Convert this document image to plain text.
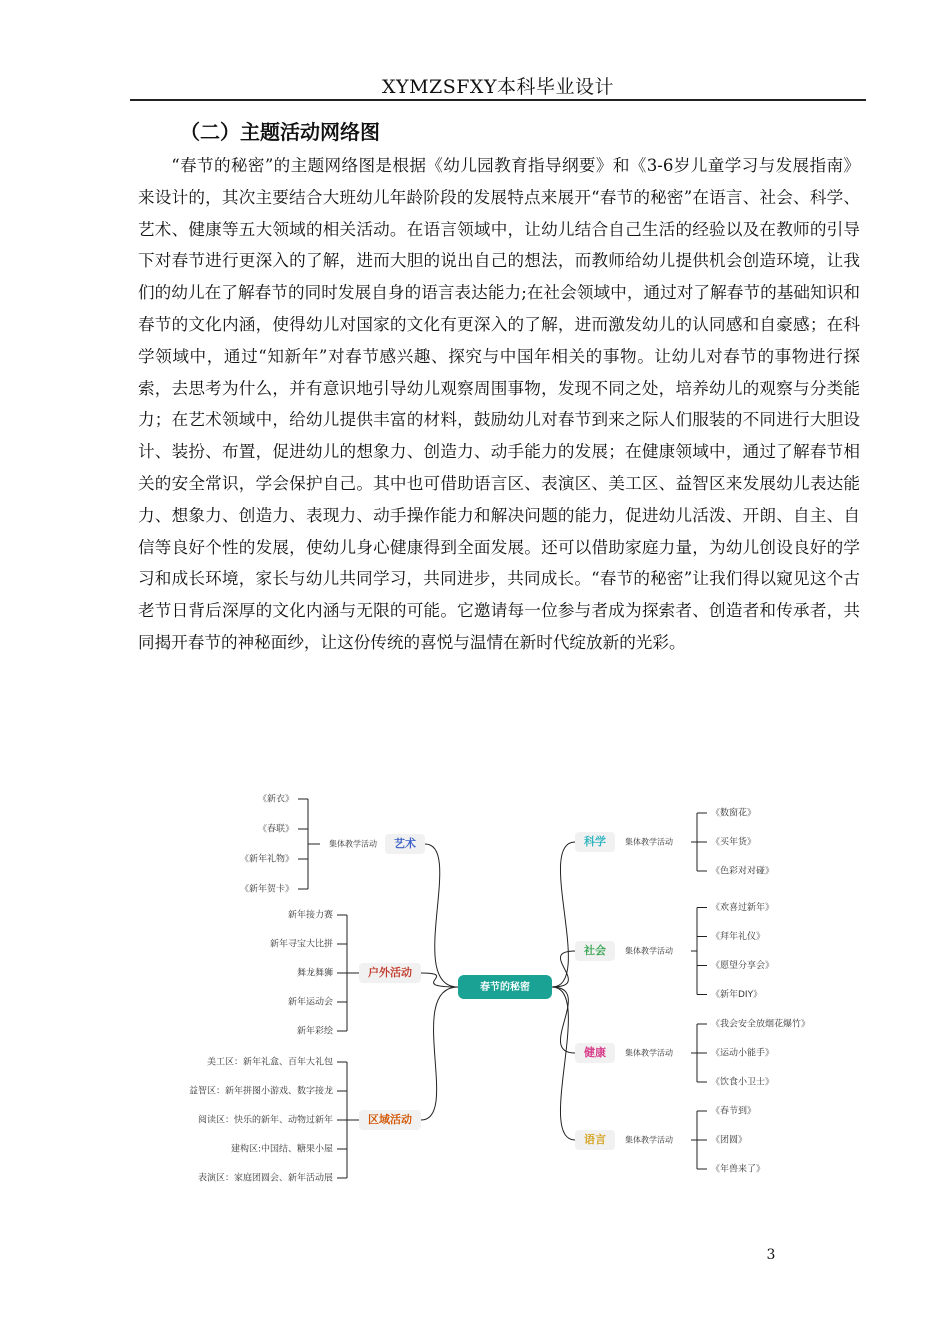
XYMZSFXY本科毕业设计
（二）主题活动网络图

“春节的秘密”的主题网络图是根据《幼儿园教育指导纲要》和《3-6岁儿童学习与发展指南》来设计的，其次主要结合大班幼儿年龄阶段的发展特点来展开“春节的秘密”在语言、社会、科学、艺术、健康等五大领域的相关活动。在语言领域中，让幼儿结合自己生活的经验以及在教师的引导下对春节进行更深入的了解，进而大胆的说出自己的想法，而教师给幼儿提供机会创造环境，让我们的幼儿在了解春节的同时发展自身的语言表达能力;在社会领域中，通过对了解春节的基础知识和春节的文化内涵，使得幼儿对国家的文化有更深入的了解，进而激发幼儿的认同感和自豪感；在科学领域中，通过“知新年”对春节感兴趣、探究与中国年相关的事物。让幼儿对春节的事物进行探索，去思考为什么，并有意识地引导幼儿观察周围事物，发现不同之处，培养幼儿的观察与分类能力；在艺术领域中，给幼儿提供丰富的材料，鼓励幼儿对春节到来之际人们服装的不同进行大胆设计、装扮、布置，促进幼儿的想象力、创造力、动手能力的发展；在健康领域中，通过了解春节相关的安全常识，学会保护自己。其中也可借助语言区、表演区、美工区、益智区来发展幼儿表达能力、想象力、创造力、表现力、动手操作能力和解决问题的能力，促进幼儿活泼、开朗、自主、自信等良好个性的发展，使幼儿身心健康得到全面发展。还可以借助家庭力量，为幼儿创设良好的学习和成长环境，家长与幼儿共同学习，共同进步，共同成长。“春节的秘密”让我们得以窥见这个古老节日背后深厚的文化内涵与无限的可能。它邀请每一位参与者成为探索者、创造者和传承者，共同揭开春节的神秘面纱，让这份传统的喜悦与温情在新时代绽放新的光彩。

春节的秘密
艺术
集体教学活动
《新衣》
《春联》
《新年礼物》
《新年贺卡》
户外活动
新年接力赛
新年寻宝大比拼
舞龙舞狮
新年运动会
新年彩绘
区域活动
美工区：新年礼盒、百年大礼包
益智区：新年拼图小游戏、数字接龙
阅读区：快乐的新年、动物过新年
建构区:中国结、糖果小屋
表演区：家庭团圆会、新年活动展
科学 集体教学活动
《数窗花》
《买年货》
《色彩对对碰》
社会 集体教学活动
《欢喜过新年》
《拜年礼仪》
《愿望分享会》
《新年DIY》
健康 集体教学活动
《我会安全放烟花爆竹》
《运动小能手》
《饮食小卫士》
语言 集体教学活动
《春节到》
《团圆》
《年兽来了》
3
